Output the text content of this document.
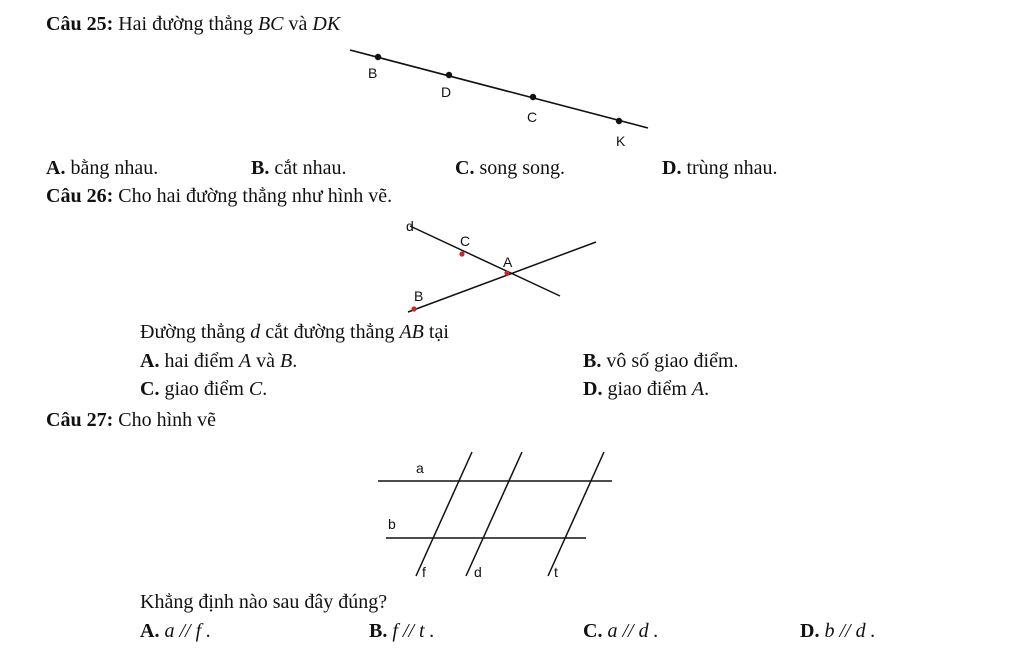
Câu 25: Hai đường thẳng BC và DK
B
D
C
K
A. bằng nhau.	B. cắt nhau.	C. song song.	D. trùng nhau.
Câu 26: Cho hai đường thẳng như hình vẽ.
d
C
A
B
Đường thẳng d cắt đường thẳng AB tại
A. hai điểm A và B.	B. vô số giao điểm.
C. giao điểm C.	D. giao điểm A.
Câu 27: Cho hình vẽ
a
b
f	d	t
Khẳng định nào sau đây đúng?
A. a // f .	B. f // t .	C. a // d .	D. b // d .
